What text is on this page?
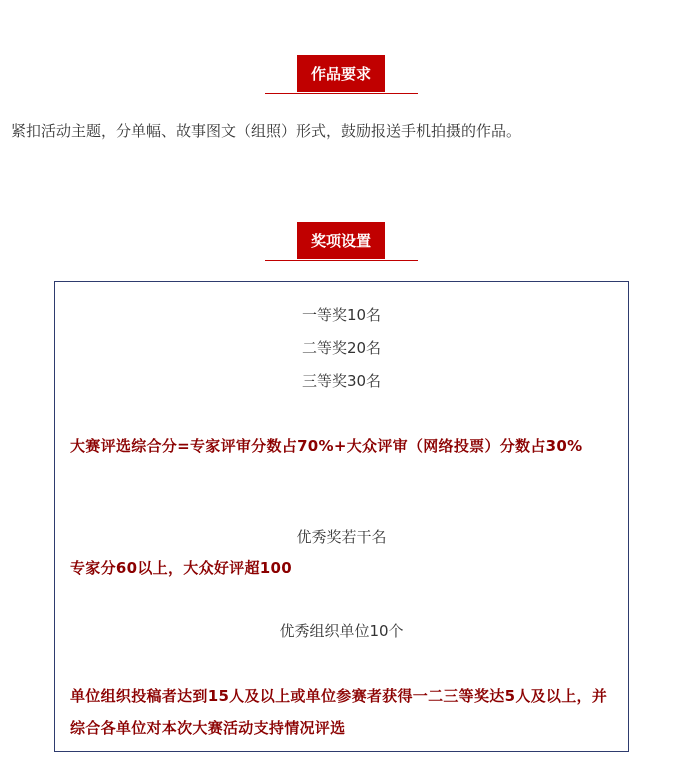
作品要求
紧扣活动主题，分单幅、故事图文（组照）形式，鼓励报送手机拍摄的作品。
奖项设置
一等奖10名
二等奖20名
三等奖30名
大赛评选综合分=专家评审分数占70%+大众评审（网络投票）分数占30%
优秀奖若干名
专家分60以上，大众好评超100
优秀组织单位10个
单位组织投稿者达到15人及以上或单位参赛者获得一二三等奖达5人及以上，并综合各单位对本次大赛活动支持情况评选
